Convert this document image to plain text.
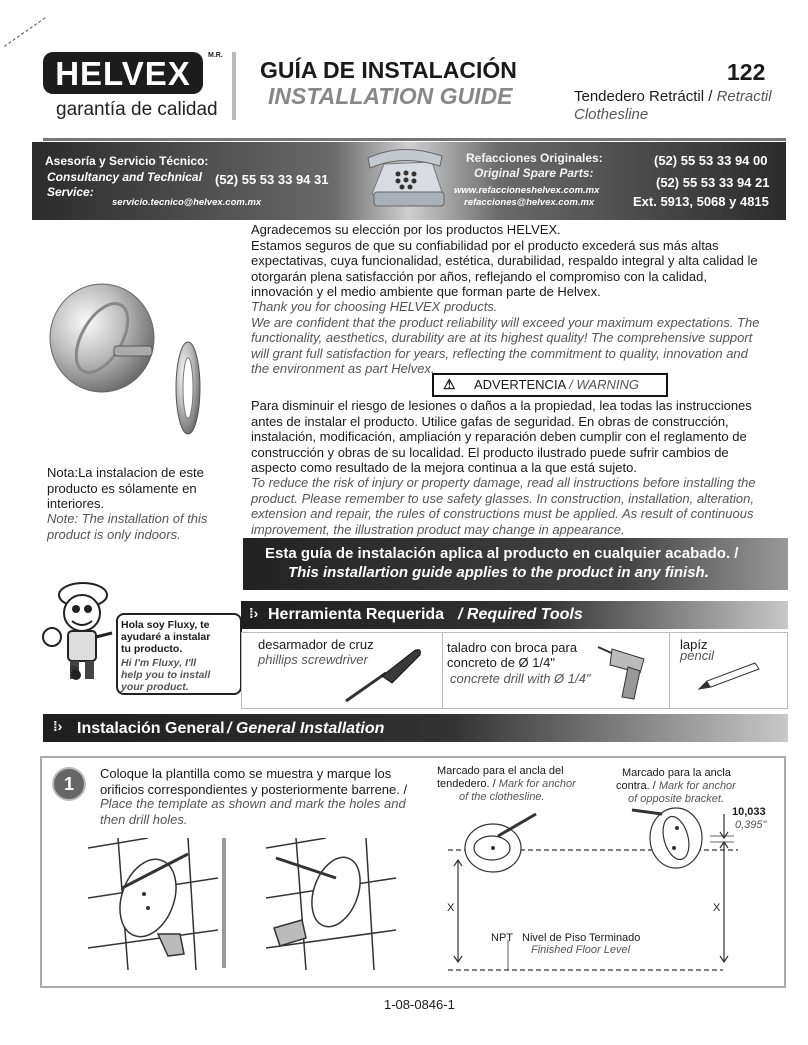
HELVEX	M.R.
garantía de calidad
GUÍA DE INSTALACIÓN
INSTALLATION GUIDE
122
Tendedero Retráctil / Retractil
Clothesline
Asesoría y Servicio Técnico:
Consultancy and Technical
Service:
(52) 55 53 33 94 31
servicio.tecnico@helvex.com.mx
Refacciones Originales:
Original Spare Parts:
www.refaccioneshelvex.com.mx
refacciones@helvex.com.mx
(52) 55 53 33 94 00
(52) 55 53 33 94 21
Ext. 5913, 5068 y 4815
Agradecemos su elección por los productos HELVEX.
Estamos seguros de que su confiabilidad por el producto excederá sus más altas
expectativas, cuya funcionalidad, estética, durabilidad, respaldo integral y alta calidad le
otorgarán plena satisfacción por años, reflejando el compromiso con la calidad,
innovación y el medio ambiente que forman parte de Helvex.
Thank you for choosing HELVEX products.
We are confident that the product reliability will exceed your maximum expectations. The
functionality, aesthetics, durability are at its highest quality! The comprehensive support
will grant full satisfaction for years, reflecting the commitment to quality, innovation and
the environment as part Helvex.
⚠ ADVERTENCIA / WARNING
Para disminuir el riesgo de lesiones o daños a la propiedad, lea todas las instrucciones
antes de instalar el producto. Utilice gafas de seguridad. En obras de construcción,
instalación, modificación, ampliación y reparación deben cumplir con el reglamento de
construcción y obras de su localidad. El producto ilustrado puede sufrir cambios de
aspecto como resultado de la mejora continua a la que está sujeto.
To reduce the risk of injury or property damage, read all instructions before installing the
product. Please remember to use safety glasses. In construction, installation, alteration,
extension and repair, the rules of constructions must be applied. As result of continuous
improvement, the illustration product may change in appearance.
Nota:La instalacion de este
producto es sólamente en
interiores.
Note: The installation of this
product is only indoors.
Esta guía de instalación aplica al producto en cualquier acabado. /
This installartion guide applies to the product in any finish.
®
Hola soy Fluxy, te
ayudaré a instalar
tu producto.
Hi I'm Fluxy, I'll
help you to install
your product.
⁞› Herramienta Requerida / Required Tools
desarmador de cruz
phillips screwdriver
taladro con broca para
concreto de Ø 1/4"
concrete drill with Ø 1/4"
lapíz
pencil
⁞› Instalación General / General Installation
1
Coloque la plantilla como se muestra y marque los
orificios correspondientes y posteriormente barrene. /
Place the template as shown and mark the holes and
then drill holes.
Marcado para el ancla del
tendedero. / Mark for anchor
of the clothesline.
Marcado para la ancla
contra. / Mark for anchor
of opposite bracket.
10,033
0,395"
X	X
NPT Nivel de Piso Terminado
Finished Floor Level
1-08-0846-1
